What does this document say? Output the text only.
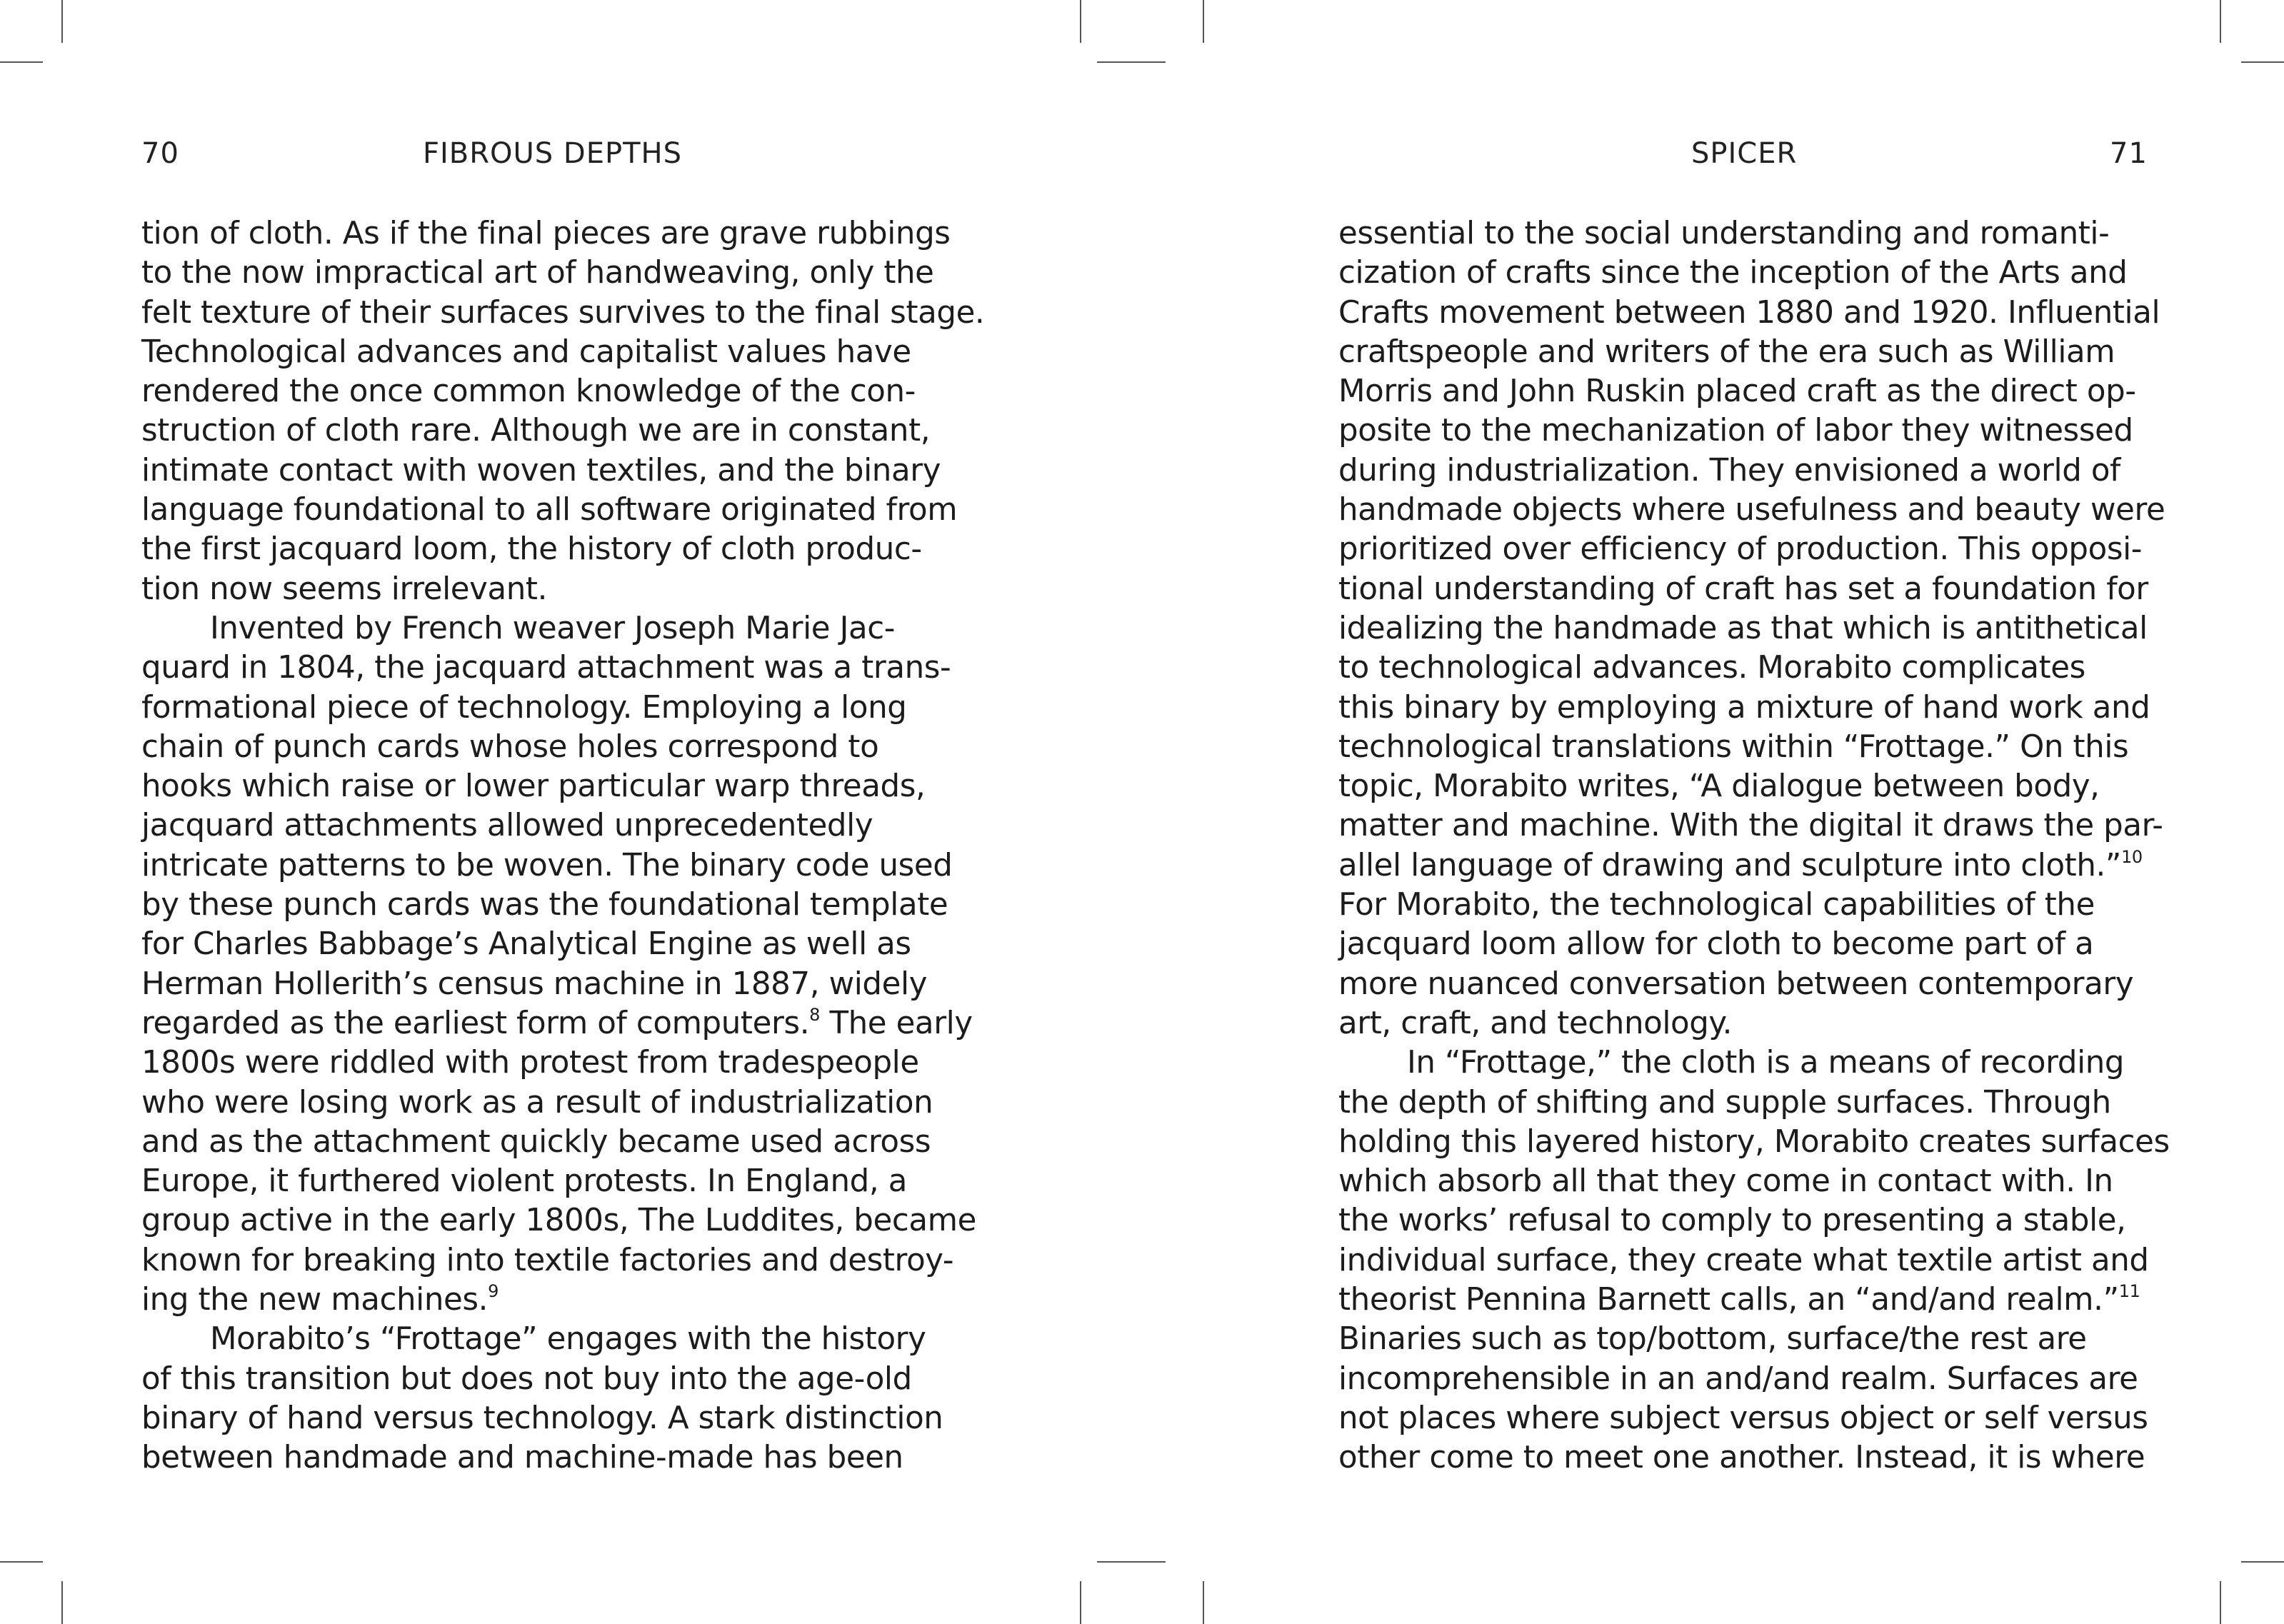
70	FIBROUS DEPTHS	SPICER	71
tion of cloth. As if the final pieces are grave rubbings
to the now impractical art of handweaving, only the
felt texture of their surfaces survives to the final stage.
Technological advances and capitalist values have
rendered the once common knowledge of the con-
struction of cloth rare. Although we are in constant,
intimate contact with woven textiles, and the binary
language foundational to all software originated from
the first jacquard loom, the history of cloth produc-
tion now seems irrelevant.
Invented by French weaver Joseph Marie Jac-
quard in 1804, the jacquard attachment was a trans-
formational piece of technology. Employing a long
chain of punch cards whose holes correspond to
hooks which raise or lower particular warp threads,
jacquard attachments allowed unprecedentedly
intricate patterns to be woven. The binary code used
by these punch cards was the foundational template
for Charles Babbage’s Analytical Engine as well as
Herman Hollerith’s census machine in 1887, widely
regarded as the earliest form of computers.$^8$ The early
1800s were riddled with protest from tradespeople
who were losing work as a result of industrialization
and as the attachment quickly became used across
Europe, it furthered violent protests. In England, a
group active in the early 1800s, The Luddites, became
known for breaking into textile factories and destroy-
ing the new machines.$^9$
Morabito’s “Frottage” engages with the history
of this transition but does not buy into the age-old
binary of hand versus technology. A stark distinction
between handmade and machine-made has been
essential to the social understanding and romanti-
cization of crafts since the inception of the Arts and
Crafts movement between 1880 and 1920. Influential
craftspeople and writers of the era such as William
Morris and John Ruskin placed craft as the direct op-
posite to the mechanization of labor they witnessed
during industrialization. They envisioned a world of
handmade objects where usefulness and beauty were
prioritized over efficiency of production. This opposi-
tional understanding of craft has set a foundation for
idealizing the handmade as that which is antithetical
to technological advances. Morabito complicates
this binary by employing a mixture of hand work and
technological translations within “Frottage.” On this
topic, Morabito writes, “A dialogue between body,
matter and machine. With the digital it draws the par-
allel language of drawing and sculpture into cloth.”$^{10}$
For Morabito, the technological capabilities of the
jacquard loom allow for cloth to become part of a
more nuanced conversation between contemporary
art, craft, and technology.
In “Frottage,” the cloth is a means of recording
the depth of shifting and supple surfaces. Through
holding this layered history, Morabito creates surfaces
which absorb all that they come in contact with. In
the works’ refusal to comply to presenting a stable,
individual surface, they create what textile artist and
theorist Pennina Barnett calls, an “and/and realm.”$^{11}$
Binaries such as top/bottom, surface/the rest are
incomprehensible in an and/and realm. Surfaces are
not places where subject versus object or self versus
other come to meet one another. Instead, it is where
